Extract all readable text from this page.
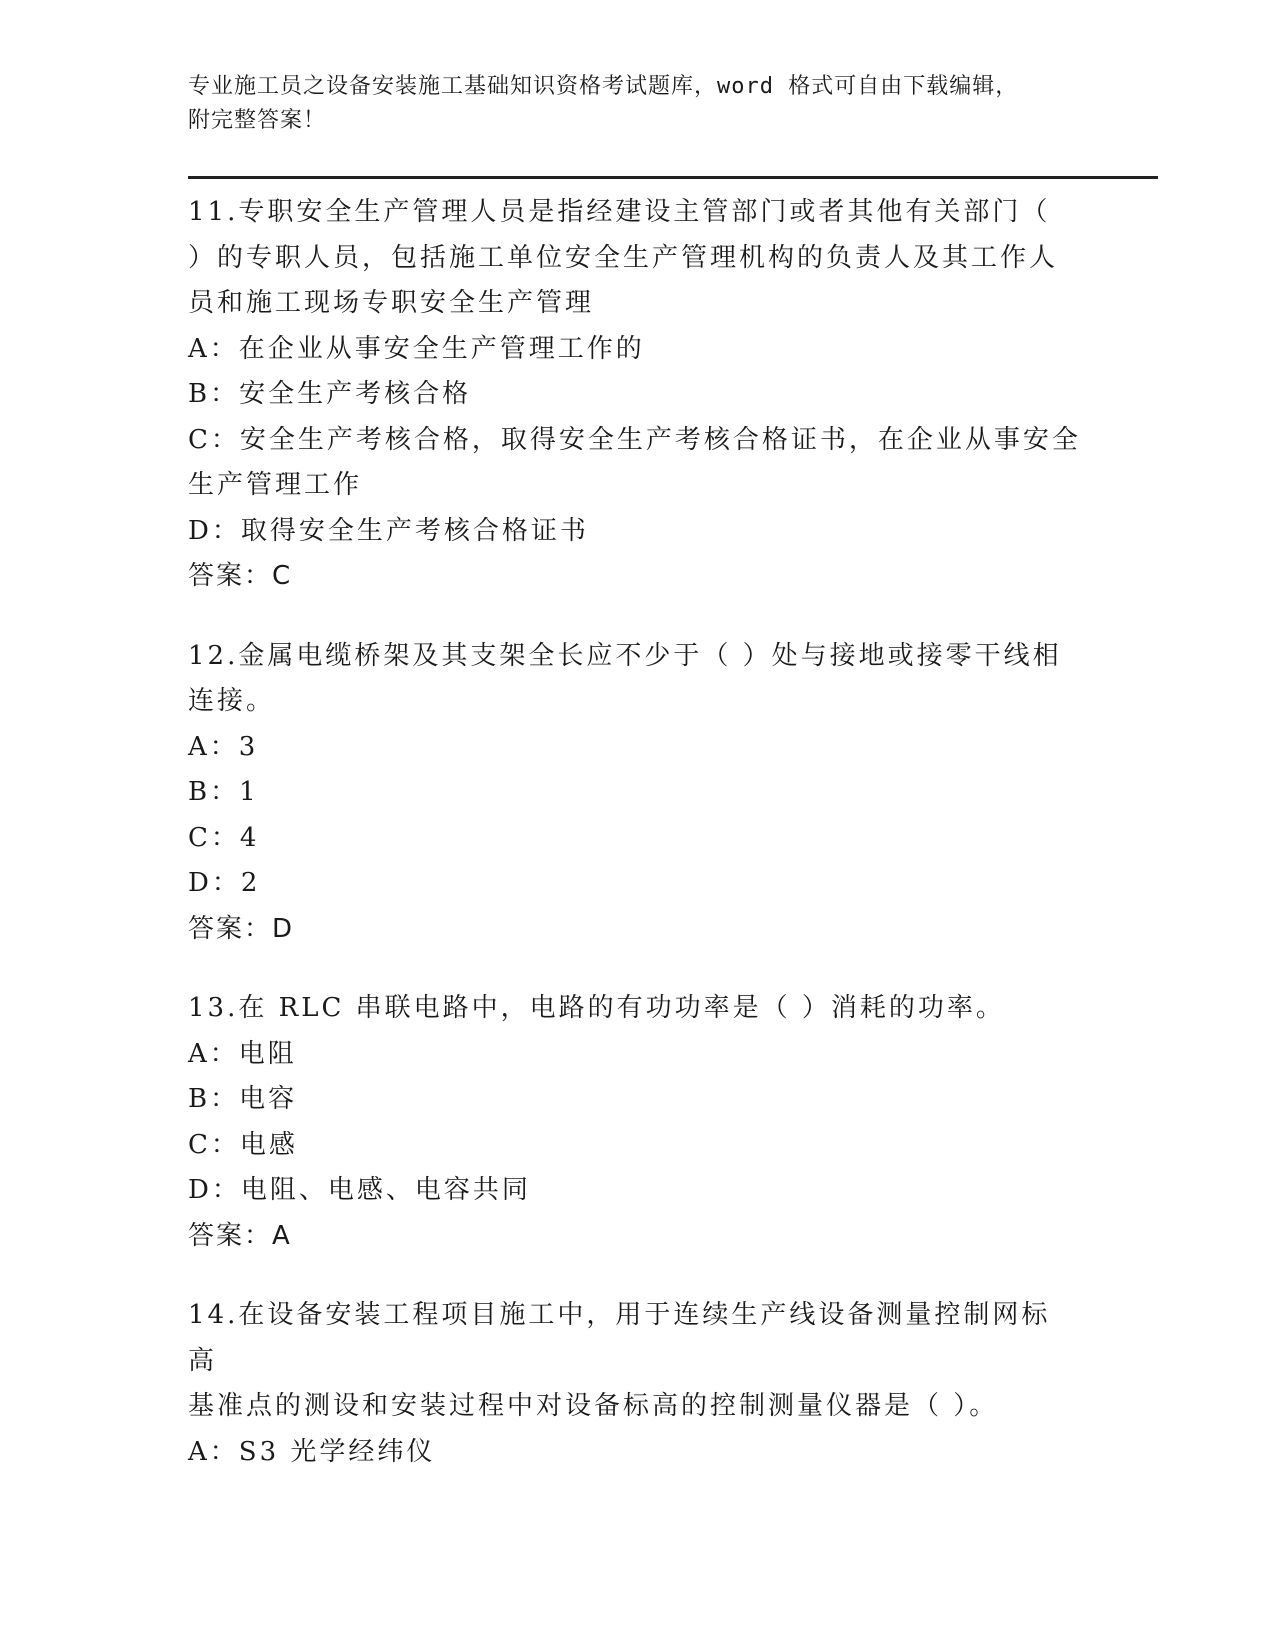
专业施工员之设备安装施工基础知识资格考试题库，word 格式可自由下载编辑，
附完整答案！
11.专职安全生产管理人员是指经建设主管部门或者其他有关部门（
）的专职人员，包括施工单位安全生产管理机构的负责人及其工作人
员和施工现场专职安全生产管理
A：在企业从事安全生产管理工作的
B：安全生产考核合格
C：安全生产考核合格，取得安全生产考核合格证书，在企业从事安全
生产管理工作
D：取得安全生产考核合格证书
答案：C
12.金属电缆桥架及其支架全长应不少于（ ）处与接地或接零干线相
连接。
A：3
B：1
C：4
D：2
答案：D
13.在 RLC 串联电路中，电路的有功功率是（ ）消耗的功率。
A：电阻
B：电容
C：电感
D：电阻、电感、电容共同
答案：A
14.在设备安装工程项目施工中，用于连续生产线设备测量控制网标高
基准点的测设和安装过程中对设备标高的控制测量仪器是（ ）。
A：S3 光学经纬仪
